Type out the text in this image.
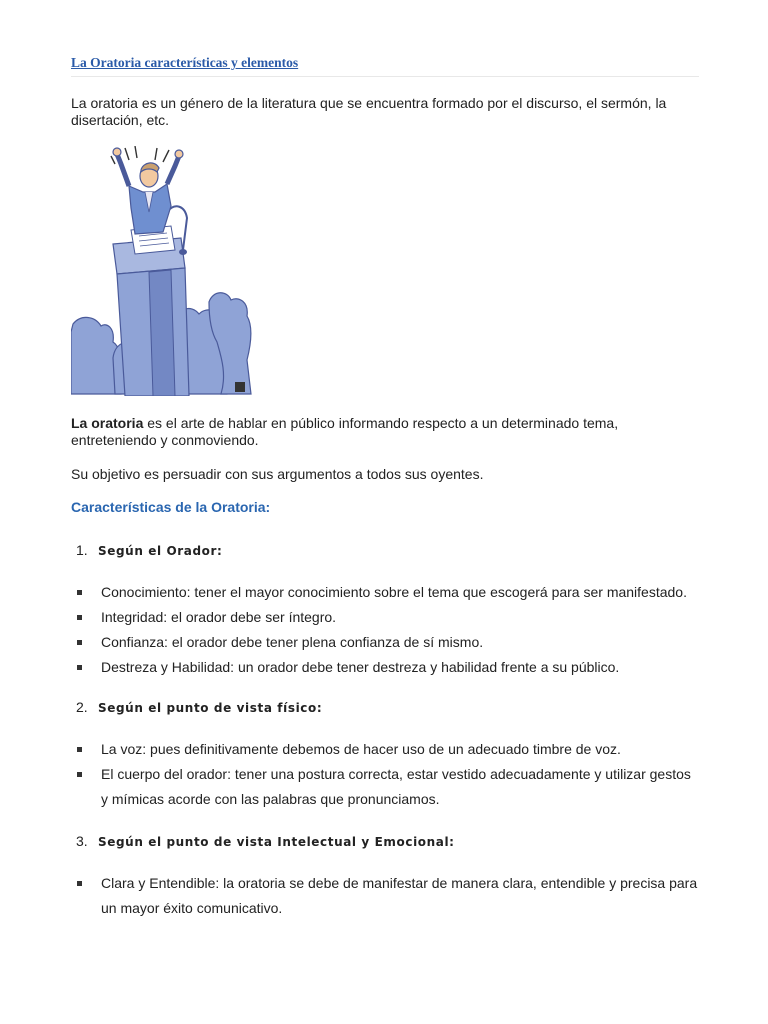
La Oratoria características y elementos

La oratoria es un género de la literatura que se encuentra formado por el discurso, el sermón, la disertación, etc.

La oratoria es el arte de hablar en público informando respecto a un determinado tema, entreteniendo y conmoviendo.

Su objetivo es persuadir con sus argumentos a todos sus oyentes.

Características de la Oratoria:
1. Según el Orador:
Conocimiento: tener el mayor conocimiento sobre el tema que escogerá para ser manifestado.
Integridad: el orador debe ser íntegro.
Confianza: el orador debe tener plena confianza de sí mismo.
Destreza y Habilidad: un orador debe tener destreza y habilidad frente a su público.
2. Según el punto de vista físico:
La voz: pues definitivamente debemos de hacer uso de un adecuado timbre de voz.
El cuerpo del orador: tener una postura correcta, estar vestido adecuadamente y utilizar gestos y mímicas acorde con las palabras que pronunciamos.
3. Según el punto de vista Intelectual y Emocional:
Clara y Entendible: la oratoria se debe de manifestar de manera clara, entendible y precisa para un mayor éxito comunicativo.
